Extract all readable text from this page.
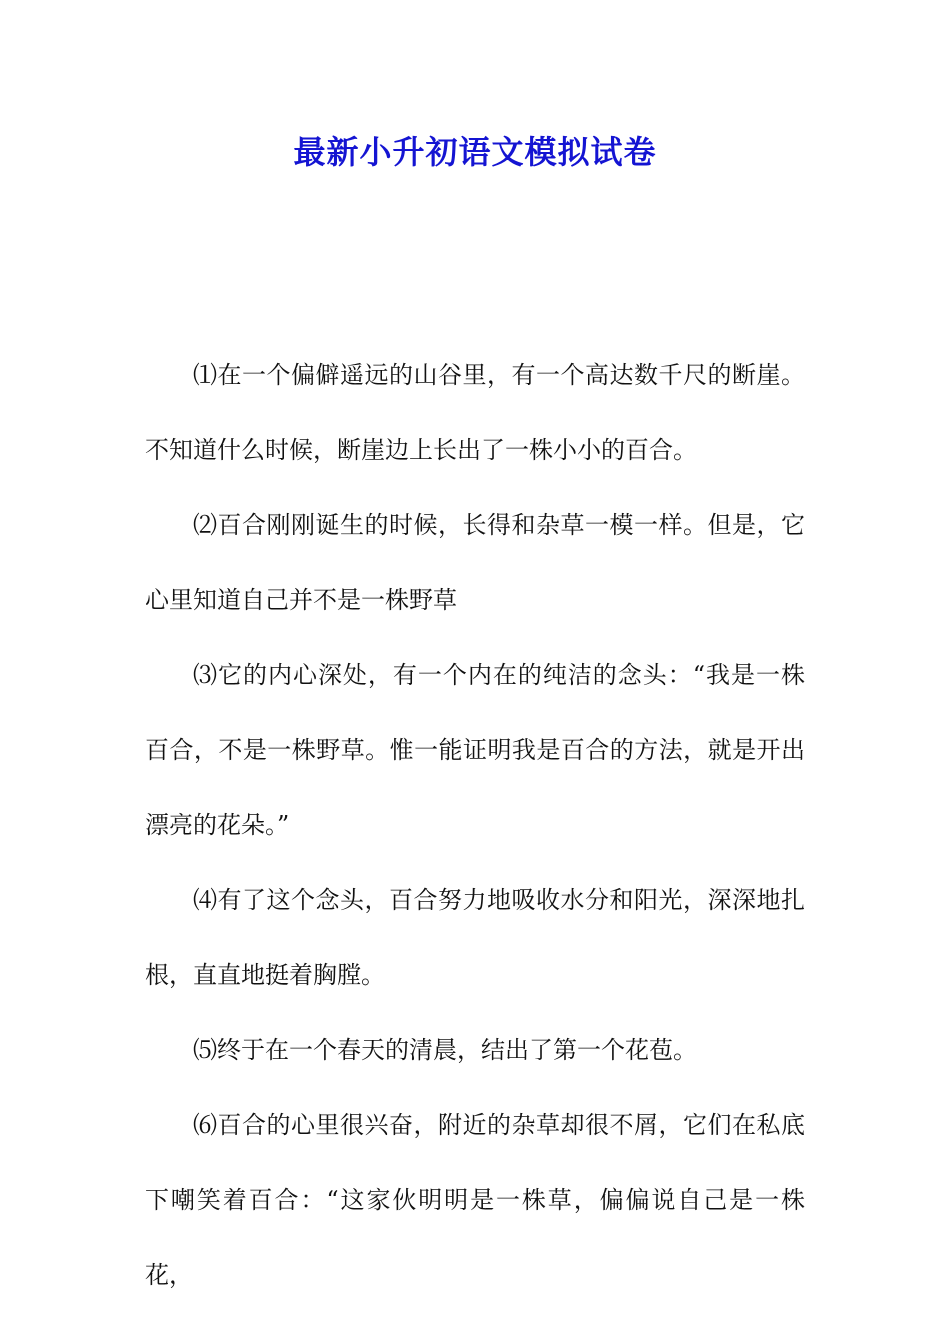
最新小升初语文模拟试卷

⑴在一个偏僻遥远的山谷里，有一个高达数千尺的断崖。不知道什么时候，断崖边上长出了一株小小的百合。

⑵百合刚刚诞生的时候，长得和杂草一模一样。但是，它心里知道自己并不是一株野草

⑶它的内心深处，有一个内在的纯洁的念头：“我是一株百合，不是一株野草。惟一能证明我是百合的方法，就是开出漂亮的花朵。”

⑷有了这个念头，百合努力地吸收水分和阳光，深深地扎根，直直地挺着胸膛。

⑸终于在一个春天的清晨，结出了第一个花苞。

⑹百合的心里很兴奋，附近的杂草却很不屑，它们在私底下嘲笑着百合：“这家伙明明是一株草，偏偏说自己是一株花，
